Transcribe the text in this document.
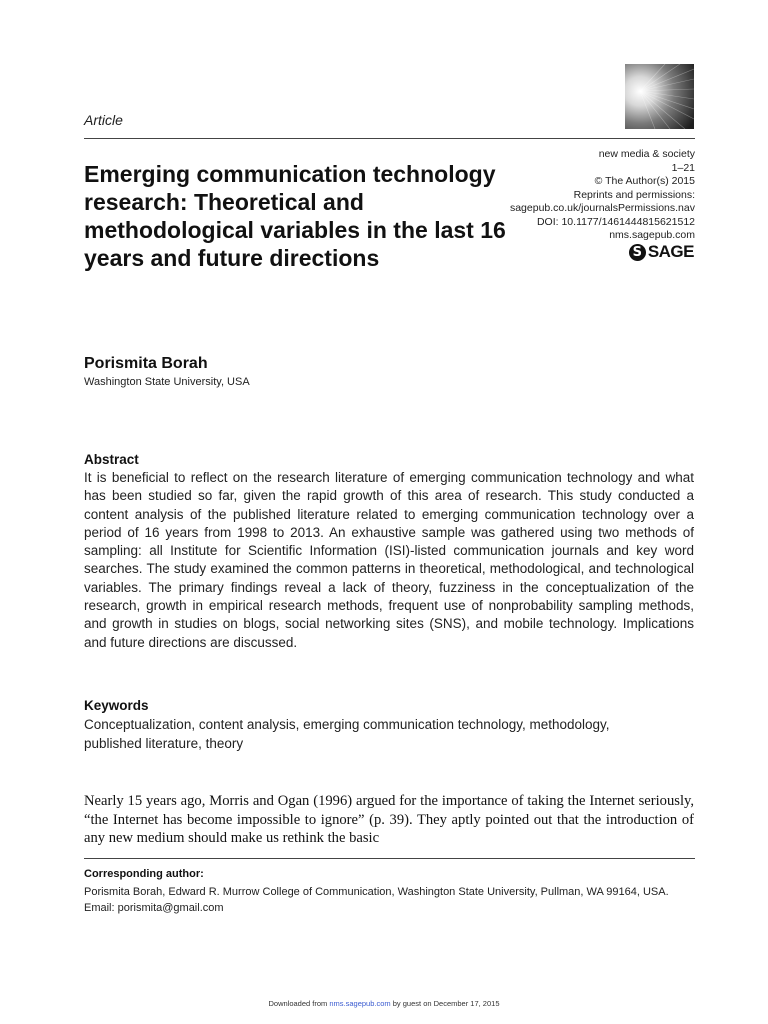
Article
new media & society
1–21
© The Author(s) 2015
Reprints and permissions:
sagepub.co.uk/journalsPermissions.nav
DOI: 10.1177/1461444815621512
nms.sagepub.com
S SAGE
Emerging communication technology research: Theoretical and methodological variables in the last 16 years and future directions
Porismita Borah
Washington State University, USA
Abstract
It is beneficial to reflect on the research literature of emerging communication technology and what has been studied so far, given the rapid growth of this area of research. This study conducted a content analysis of the published literature related to emerging communication technology over a period of 16 years from 1998 to 2013. An exhaustive sample was gathered using two methods of sampling: all Institute for Scientific Information (ISI)-listed communication journals and key word searches. The study examined the common patterns in theoretical, methodological, and technological variables. The primary findings reveal a lack of theory, fuzziness in the conceptualization of the research, growth in empirical research methods, frequent use of nonprobability sampling methods, and growth in studies on blogs, social networking sites (SNS), and mobile technology. Implications and future directions are discussed.
Keywords
Conceptualization, content analysis, emerging communication technology, methodology, published literature, theory
Nearly 15 years ago, Morris and Ogan (1996) argued for the importance of taking the Internet seriously, “the Internet has become impossible to ignore” (p. 39). They aptly pointed out that the introduction of any new medium should make us rethink the basic
Corresponding author:
Porismita Borah, Edward R. Murrow College of Communication, Washington State University, Pullman, WA 99164, USA.
Email: porismita@gmail.com
Downloaded from nms.sagepub.com by guest on December 17, 2015
